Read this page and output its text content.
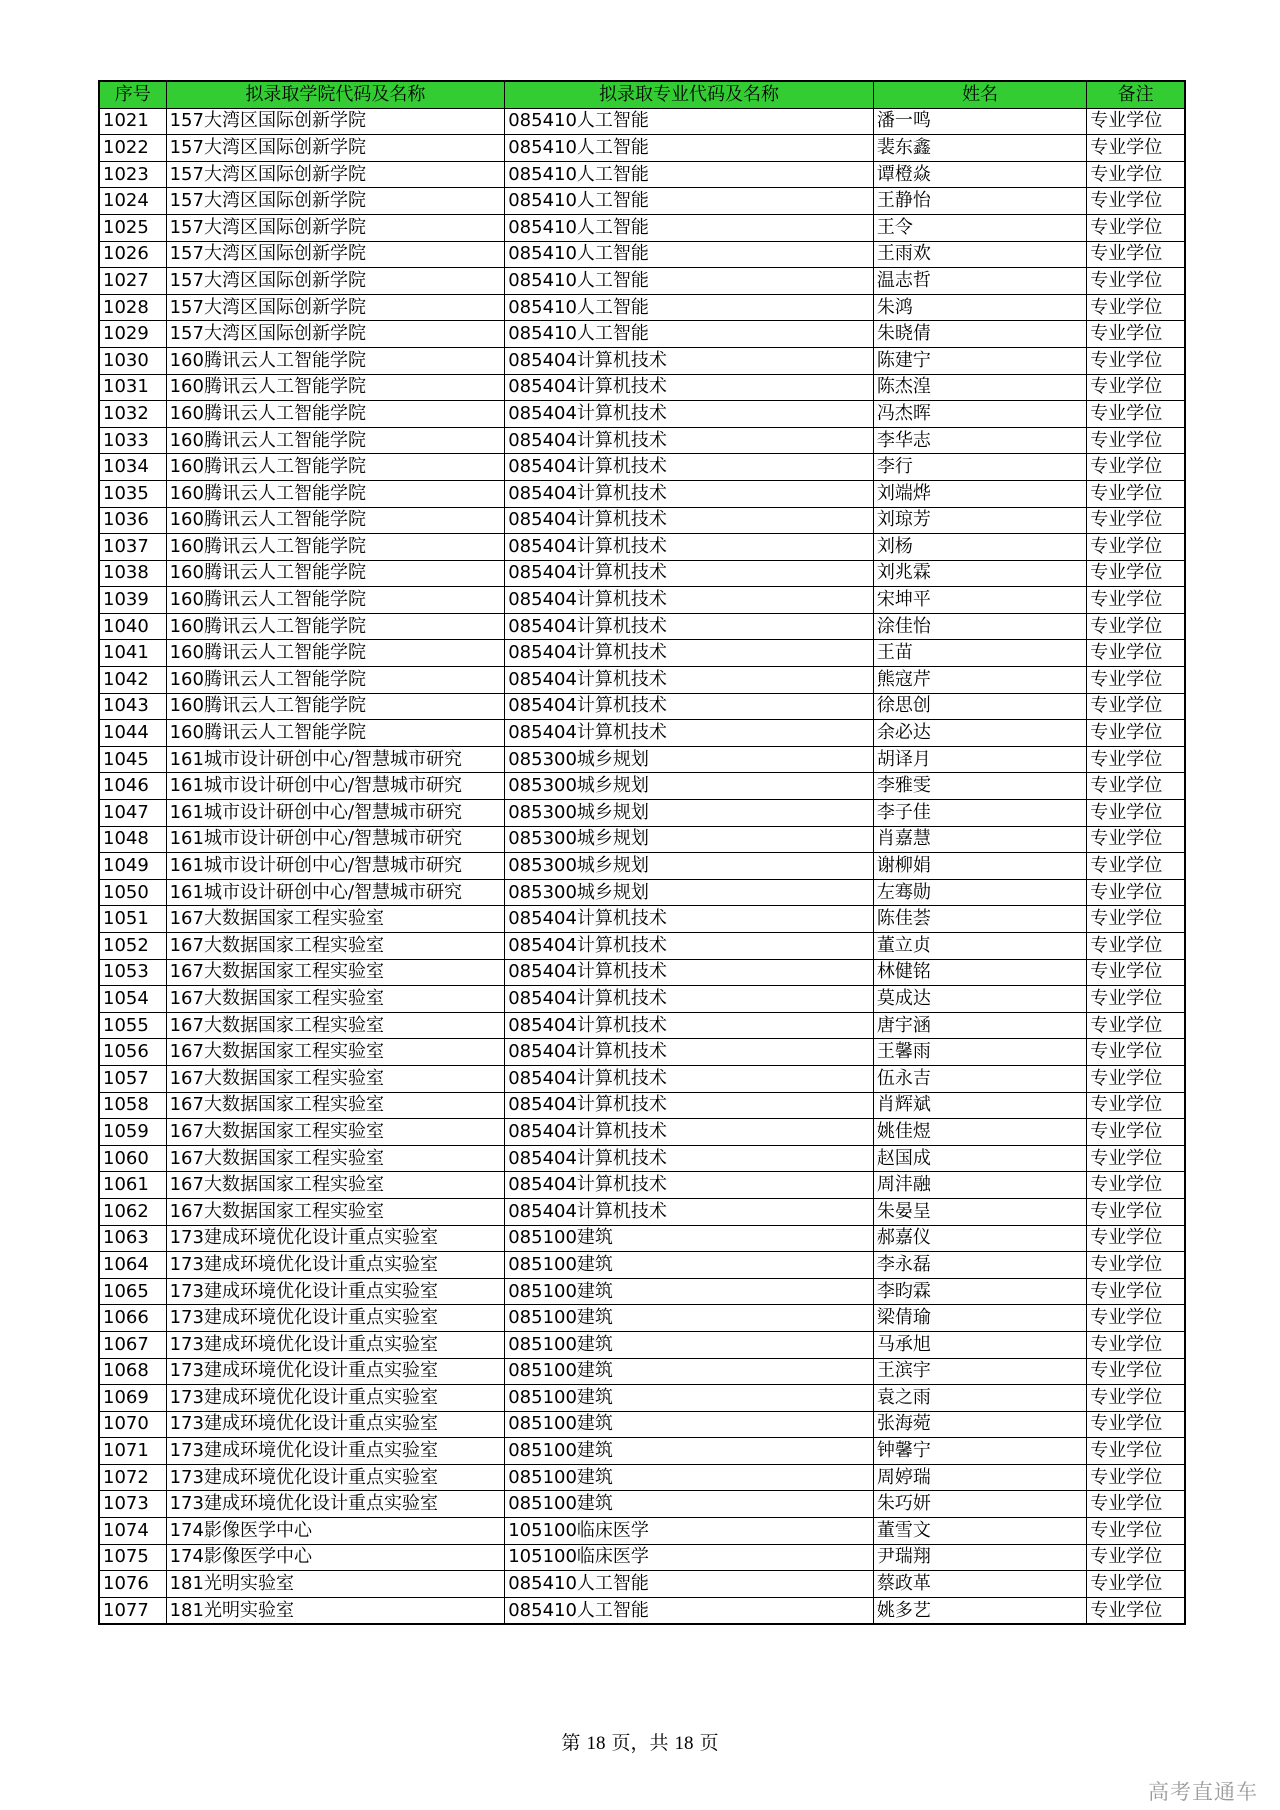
序号	拟录取学院代码及名称	拟录取专业代码及名称	姓名	备注
1021	157大湾区国际创新学院	085410人工智能	潘一鸣	专业学位
1022	157大湾区国际创新学院	085410人工智能	裴东鑫	专业学位
1023	157大湾区国际创新学院	085410人工智能	谭橙焱	专业学位
1024	157大湾区国际创新学院	085410人工智能	王静怡	专业学位
1025	157大湾区国际创新学院	085410人工智能	王令	专业学位
1026	157大湾区国际创新学院	085410人工智能	王雨欢	专业学位
1027	157大湾区国际创新学院	085410人工智能	温志哲	专业学位
1028	157大湾区国际创新学院	085410人工智能	朱鸿	专业学位
1029	157大湾区国际创新学院	085410人工智能	朱晓倩	专业学位
1030	160腾讯云人工智能学院	085404计算机技术	陈建宁	专业学位
1031	160腾讯云人工智能学院	085404计算机技术	陈杰湟	专业学位
1032	160腾讯云人工智能学院	085404计算机技术	冯杰晖	专业学位
1033	160腾讯云人工智能学院	085404计算机技术	李华志	专业学位
1034	160腾讯云人工智能学院	085404计算机技术	李行	专业学位
1035	160腾讯云人工智能学院	085404计算机技术	刘端烨	专业学位
1036	160腾讯云人工智能学院	085404计算机技术	刘琼芳	专业学位
1037	160腾讯云人工智能学院	085404计算机技术	刘杨	专业学位
1038	160腾讯云人工智能学院	085404计算机技术	刘兆霖	专业学位
1039	160腾讯云人工智能学院	085404计算机技术	宋坤平	专业学位
1040	160腾讯云人工智能学院	085404计算机技术	涂佳怡	专业学位
1041	160腾讯云人工智能学院	085404计算机技术	王苗	专业学位
1042	160腾讯云人工智能学院	085404计算机技术	熊寇芹	专业学位
1043	160腾讯云人工智能学院	085404计算机技术	徐思创	专业学位
1044	160腾讯云人工智能学院	085404计算机技术	余必达	专业学位
1045	161城市设计研创中心/智慧城市研究	085300城乡规划	胡译月	专业学位
1046	161城市设计研创中心/智慧城市研究	085300城乡规划	李雅雯	专业学位
1047	161城市设计研创中心/智慧城市研究	085300城乡规划	李子佳	专业学位
1048	161城市设计研创中心/智慧城市研究	085300城乡规划	肖嘉慧	专业学位
1049	161城市设计研创中心/智慧城市研究	085300城乡规划	谢柳娟	专业学位
1050	161城市设计研创中心/智慧城市研究	085300城乡规划	左骞勋	专业学位
1051	167大数据国家工程实验室	085404计算机技术	陈佳荟	专业学位
1052	167大数据国家工程实验室	085404计算机技术	董立贞	专业学位
1053	167大数据国家工程实验室	085404计算机技术	林健铭	专业学位
1054	167大数据国家工程实验室	085404计算机技术	莫成达	专业学位
1055	167大数据国家工程实验室	085404计算机技术	唐宇涵	专业学位
1056	167大数据国家工程实验室	085404计算机技术	王馨雨	专业学位
1057	167大数据国家工程实验室	085404计算机技术	伍永吉	专业学位
1058	167大数据国家工程实验室	085404计算机技术	肖辉斌	专业学位
1059	167大数据国家工程实验室	085404计算机技术	姚佳煜	专业学位
1060	167大数据国家工程实验室	085404计算机技术	赵国成	专业学位
1061	167大数据国家工程实验室	085404计算机技术	周沣融	专业学位
1062	167大数据国家工程实验室	085404计算机技术	朱晏呈	专业学位
1063	173建成环境优化设计重点实验室	085100建筑	郝嘉仪	专业学位
1064	173建成环境优化设计重点实验室	085100建筑	李永磊	专业学位
1065	173建成环境优化设计重点实验室	085100建筑	李昀霖	专业学位
1066	173建成环境优化设计重点实验室	085100建筑	梁倩瑜	专业学位
1067	173建成环境优化设计重点实验室	085100建筑	马承旭	专业学位
1068	173建成环境优化设计重点实验室	085100建筑	王滨宇	专业学位
1069	173建成环境优化设计重点实验室	085100建筑	袁之雨	专业学位
1070	173建成环境优化设计重点实验室	085100建筑	张海菀	专业学位
1071	173建成环境优化设计重点实验室	085100建筑	钟馨宁	专业学位
1072	173建成环境优化设计重点实验室	085100建筑	周婷瑞	专业学位
1073	173建成环境优化设计重点实验室	085100建筑	朱巧妍	专业学位
1074	174影像医学中心	105100临床医学	董雪文	专业学位
1075	174影像医学中心	105100临床医学	尹瑞翔	专业学位
1076	181光明实验室	085410人工智能	蔡政革	专业学位
1077	181光明实验室	085410人工智能	姚多艺	专业学位
第 18 页，共 18 页
高考直通车
